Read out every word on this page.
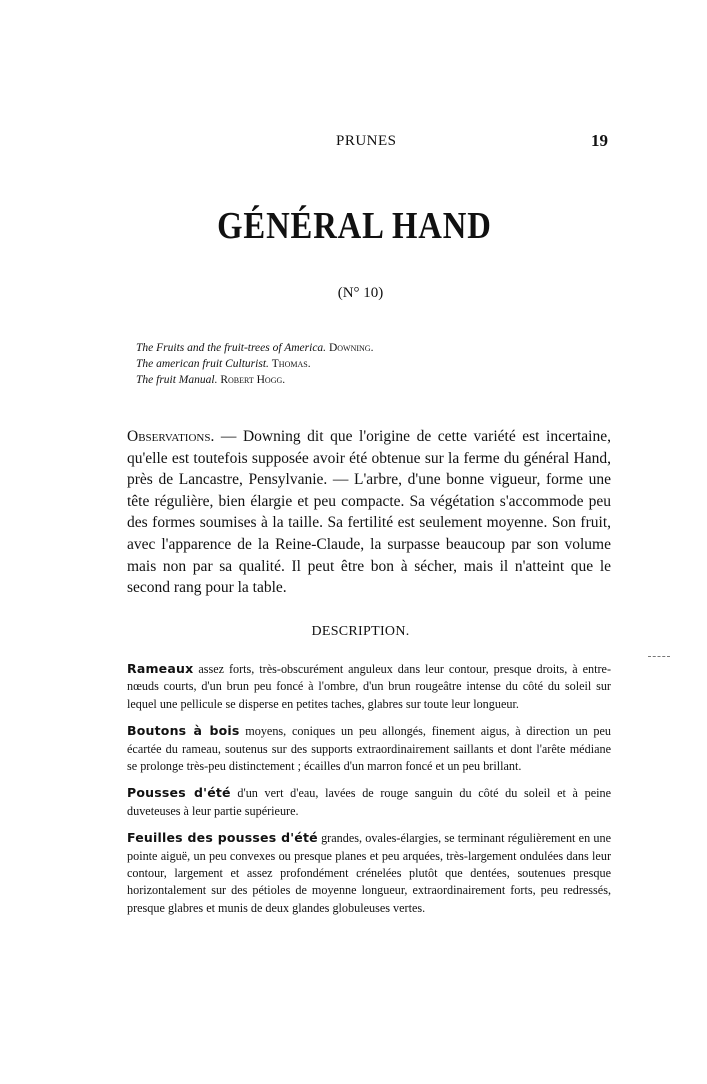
PRUNES	19
GÉNÉRAL HAND
(N° 10)
The Fruits and the fruit-trees of America. Downing.
The american fruit Culturist. Thomas.
The fruit Manual. Robert Hogg.
Observations. — Downing dit que l'origine de cette variété est incertaine, qu'elle est toutefois supposée avoir été obtenue sur la ferme du général Hand, près de Lancastre, Pensylvanie. — L'arbre, d'une bonne vigueur, forme une tête régulière, bien élargie et peu compacte. Sa végétation s'accommode peu des formes soumises à la taille. Sa fertilité est seulement moyenne. Son fruit, avec l'apparence de la Reine-Claude, la surpasse beaucoup par son volume mais non par sa qualité. Il peut être bon à sécher, mais il n'atteint que le second rang pour la table.
DESCRIPTION.

Rameaux assez forts, très-obscurément anguleux dans leur contour, presque droits, à entre-nœuds courts, d'un brun peu foncé à l'ombre, d'un brun rougeâtre intense du côté du soleil sur lequel une pellicule se disperse en petites taches, glabres sur toute leur longueur.

Boutons à bois moyens, coniques un peu allongés, finement aigus, à direction un peu écartée du rameau, soutenus sur des supports extraordinairement saillants et dont l'arête médiane se prolonge très-peu distinctement ; écailles d'un marron foncé et un peu brillant.

Pousses d'été d'un vert d'eau, lavées de rouge sanguin du côté du soleil et à peine duveteuses à leur partie supérieure.

Feuilles des pousses d'été grandes, ovales-élargies, se terminant régulièrement en une pointe aiguë, un peu convexes ou presque planes et peu arquées, très-largement ondulées dans leur contour, largement et assez profondément crénelées plutôt que dentées, soutenues presque horizontalement sur des pétioles de moyenne longueur, extraordinairement forts, peu redressés, presque glabres et munis de deux glandes globuleuses vertes.
